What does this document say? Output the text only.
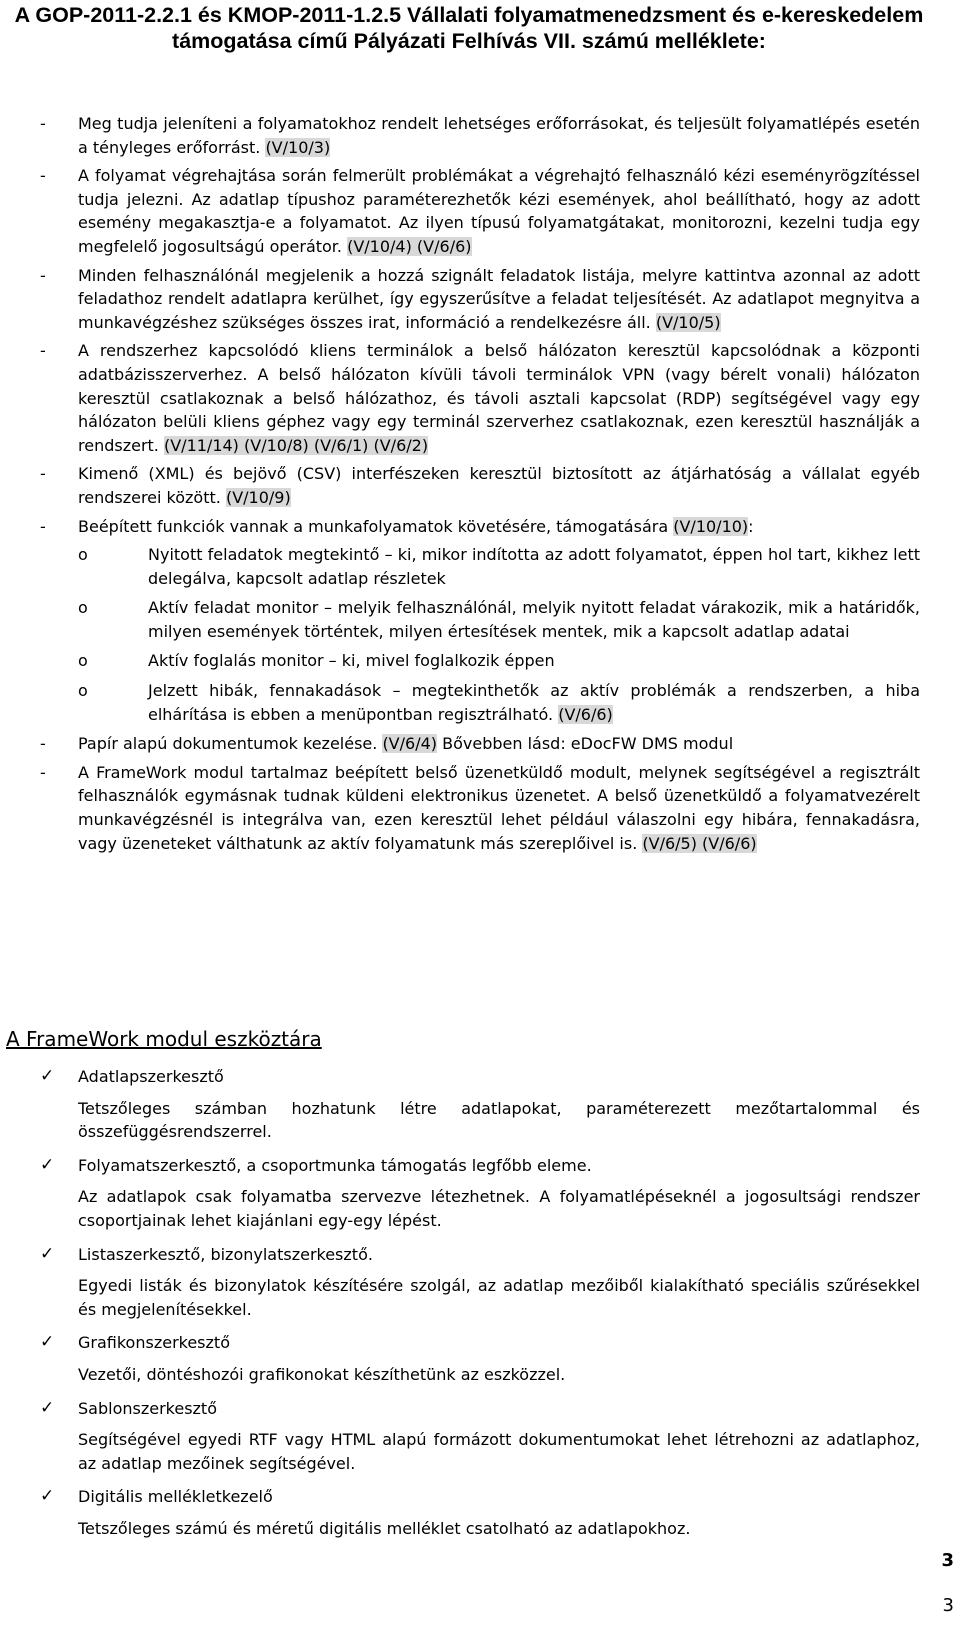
A GOP-2011-2.2.1 és KMOP-2011-1.2.5 Vállalati folyamatmenedzsment és e-kereskedelem támogatása című Pályázati Felhívás VII. számú melléklete:
- Meg tudja jeleníteni a folyamatokhoz rendelt lehetséges erőforrásokat, és teljesült folyamatlépés esetén a tényleges erőforrást. (V/10/3)
- A folyamat végrehajtása során felmerült problémákat a végrehajtó felhasználó kézi eseményrögzítéssel tudja jelezni. Az adatlap típushoz paraméterezhetők kézi események, ahol beállítható, hogy az adott esemény megakasztja-e a folyamatot. Az ilyen típusú folyamatgátakat, monitorozni, kezelni tudja egy megfelelő jogosultságú operátor. (V/10/4) (V/6/6)
- Minden felhasználónál megjelenik a hozzá szignált feladatok listája, melyre kattintva azonnal az adott feladathoz rendelt adatlapra kerülhet, így egyszerűsítve a feladat teljesítését. Az adatlapot megnyitva a munkavégzéshez szükséges összes irat, információ a rendelkezésre áll. (V/10/5)
- A rendszerhez kapcsolódó kliens terminálok a belső hálózaton keresztül kapcsolódnak a központi adatbázisszerverhez. A belső hálózaton kívüli távoli terminálok VPN (vagy bérelt vonali) hálózaton keresztül csatlakoznak a belső hálózathoz, és távoli asztali kapcsolat (RDP) segítségével vagy egy hálózaton belüli kliens géphez vagy egy terminál szerverhez csatlakoznak, ezen keresztül használják a rendszert. (V/11/14) (V/10/8) (V/6/1) (V/6/2)
- Kimenő (XML) és bejövő (CSV) interfészeken keresztül biztosított az átjárhatóság a vállalat egyéb rendszerei között. (V/10/9)
- Beépített funkciók vannak a munkafolyamatok követésére, támogatására (V/10/10):
o	Nyitott feladatok megtekintő – ki, mikor indította az adott folyamatot, éppen hol tart, kikhez lett delegálva, kapcsolt adatlap részletek
o	Aktív feladat monitor – melyik felhasználónál, melyik nyitott feladat várakozik, mik a határidők, milyen események történtek, milyen értesítések mentek, mik a kapcsolt adatlap adatai
o	Aktív foglalás monitor – ki, mivel foglalkozik éppen
o	Jelzett hibák, fennakadások – megtekinthetők az aktív problémák a rendszerben, a hiba elhárítása is ebben a menüpontban regisztrálható. (V/6/6)
- Papír alapú dokumentumok kezelése. (V/6/4) Bővebben lásd: eDocFW DMS modul
- A FrameWork modul tartalmaz beépített belső üzenetküldő modult, melynek segítségével a regisztrált felhasználók egymásnak tudnak küldeni elektronikus üzenetet. A belső üzenetküldő a folyamatvezérelt munkavégzésnél is integrálva van, ezen keresztül lehet például válaszolni egy hibára, fennakadásra, vagy üzeneteket válthatunk az aktív folyamatunk más szereplőivel is. (V/6/5) (V/6/6)
A FrameWork modul eszköztára
✓	Adatlapszerkesztő
Tetszőleges számban hozhatunk létre adatlapokat, paraméterezett mezőtartalommal és összefüggésrendszerrel.
✓	Folyamatszerkesztő, a csoportmunka támogatás legfőbb eleme.
Az adatlapok csak folyamatba szervezve létezhetnek. A folyamatlépéseknél a jogosultsági rendszer csoportjainak lehet kiajánlani egy-egy lépést.
✓	Listaszerkesztő, bizonylatszerkesztő.
Egyedi listák és bizonylatok készítésére szolgál, az adatlap mezőiből kialakítható speciális szűrésekkel és megjelenítésekkel.
✓	Grafikonszerkesztő
Vezetői, döntéshozói grafikonokat készíthetünk az eszközzel.
✓	Sablonszerkesztő
Segítségével egyedi RTF vagy HTML alapú formázott dokumentumokat lehet létrehozni az adatlaphoz, az adatlap mezőinek segítségével.
✓	Digitális mellékletkezelő
Tetszőleges számú és méretű digitális melléklet csatolható az adatlapokhoz.
3
3
